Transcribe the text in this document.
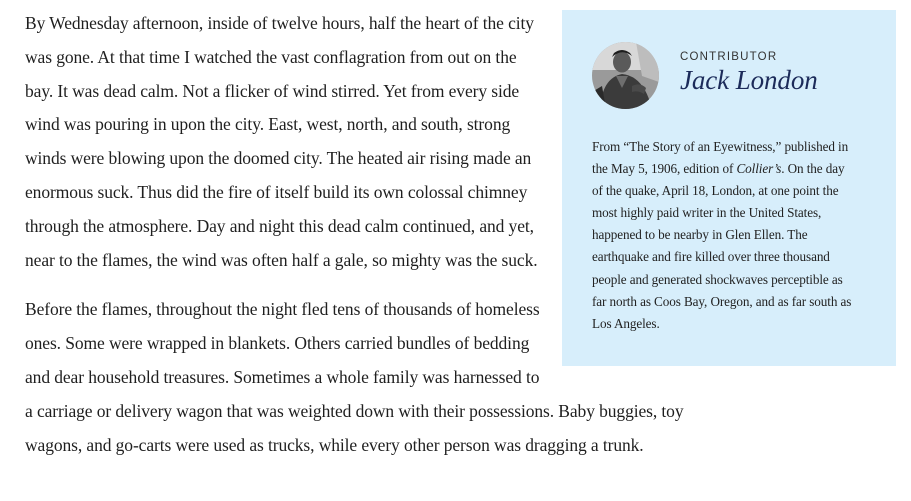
CONTRIBUTOR
Jack London

From “The Story of an Eyewitness,” published in the May 5, 1906, edition of Collier’s. On the day of the quake, April 18, London, at one point the most highly paid writer in the United States, happened to be nearby in Glen Ellen. The earthquake and fire killed over three thousand people and generated shockwaves perceptible as far north as Coos Bay, Oregon, and as far south as Los Angeles.

By Wednesday afternoon, inside of twelve hours, half the heart of the city was gone. At that time I watched the vast conflagration from out on the bay. It was dead calm. Not a flicker of wind stirred. Yet from every side wind was pouring in upon the city. East, west, north, and south, strong winds were blowing upon the doomed city. The heated air rising made an enormous suck. Thus did the fire of itself build its own colossal chimney through the atmosphere. Day and night this dead calm continued, and yet, near to the flames, the wind was often half a gale, so mighty was the suck.

Before the flames, throughout the night fled tens of thousands of homeless ones. Some were wrapped in blankets. Others carried bundles of bedding and dear household treasures. Sometimes a whole family was harnessed to a carriage or delivery wagon that was weighted down with their possessions. Baby buggies, toy wagons, and go-carts were used as trucks, while every other person was dragging a trunk.
